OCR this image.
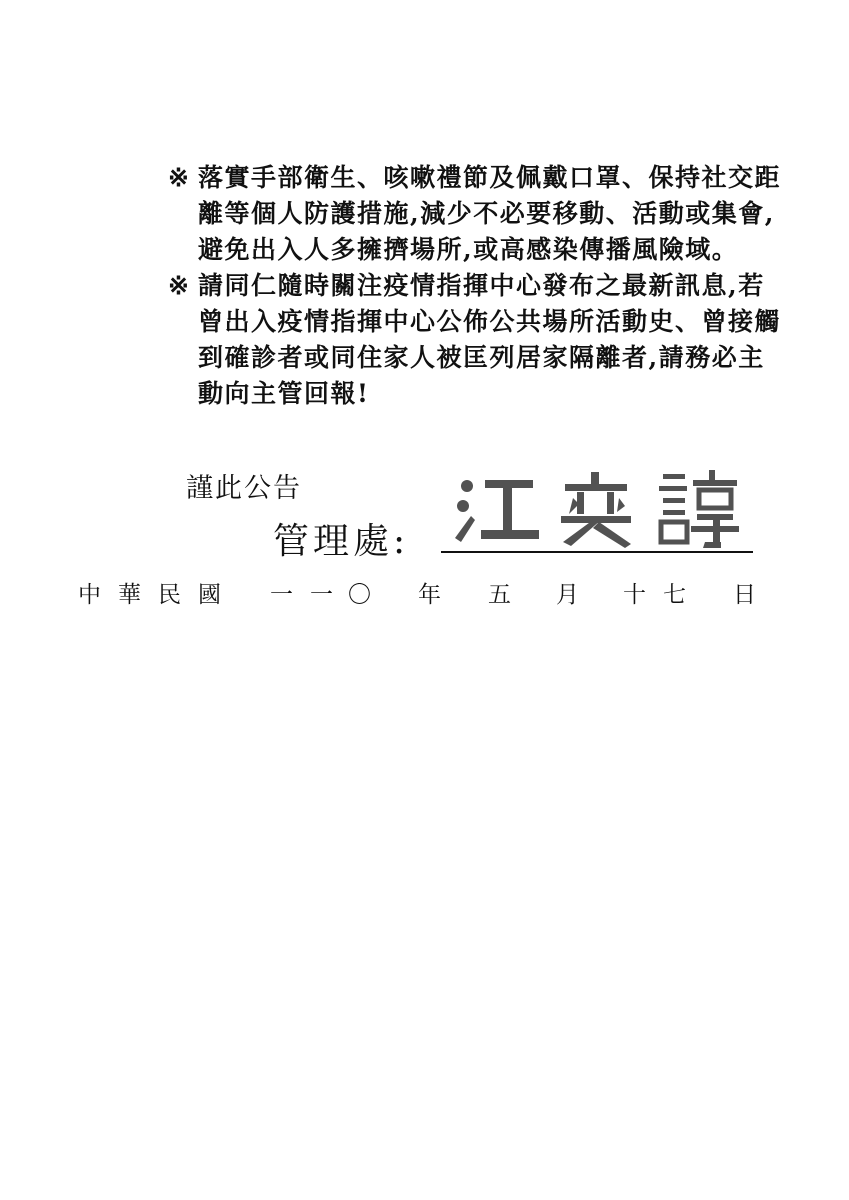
※ 落實手部衛生、咳嗽禮節及佩戴口罩、保持社交距
離等個人防護措施,減少不必要移動、活動或集會,
避免出入人多擁擠場所,或高感染傳播風險域。
※ 請同仁隨時關注疫情指揮中心發布之最新訊息,若
曾出入疫情指揮中心公佈公共場所活動史、曾接觸
到確診者或同住家人被匡列居家隔離者,請務必主
動向主管回報!
謹此公告
管理處:
中 華 民 國 一 一 〇 年 五 月 十 七 日
